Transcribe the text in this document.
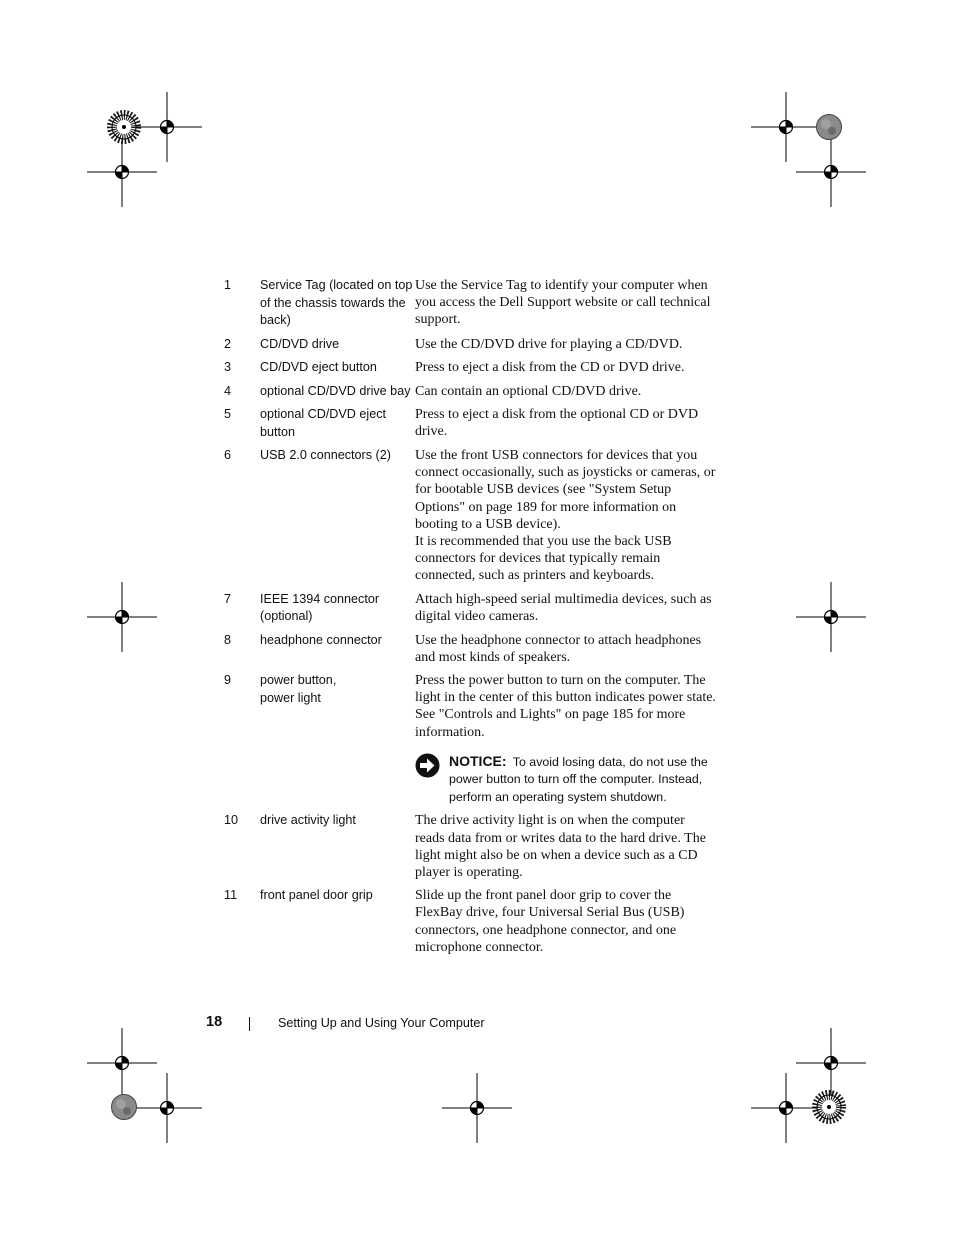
1	Service Tag (located on top of the chassis towards the back)	Use the Service Tag to identify your computer when you access the Dell Support website or call technical support.

2	CD/DVD drive	Use the CD/DVD drive for playing a CD/DVD.

3	CD/DVD eject button	Press to eject a disk from the CD or DVD drive.

4	optional CD/DVD drive bay	Can contain an optional CD/DVD drive.

5	optional CD/DVD eject button	Press to eject a disk from the optional CD or DVD drive.

6	USB 2.0 connectors (2)	Use the front USB connectors for devices that you connect occasionally, such as joysticks or cameras, or for bootable USB devices (see "System Setup Options" on page 189 for more information on booting to a USB device).
It is recommended that you use the back USB connectors for devices that typically remain connected, such as printers and keyboards.

7	IEEE 1394 connector (optional)	Attach high-speed serial multimedia devices, such as digital video cameras.

8	headphone connector	Use the headphone connector to attach headphones and most kinds of speakers.

9	power button,
power light	Press the power button to turn on the computer. The light in the center of this button indicates power state. See "Controls and Lights" on page 185 for more information.
NOTICE: To avoid losing data, do not use the power button to turn off the computer. Instead, perform an operating system shutdown.

10	drive activity light	The drive activity light is on when the computer reads data from or writes data to the hard drive. The light might also be on when a device such as a CD player is operating.

11	front panel door grip	Slide up the front panel door grip to cover the FlexBay drive, four Universal Serial Bus (USB) connectors, one headphone connector, and one microphone connector.
18	Setting Up and Using Your Computer
